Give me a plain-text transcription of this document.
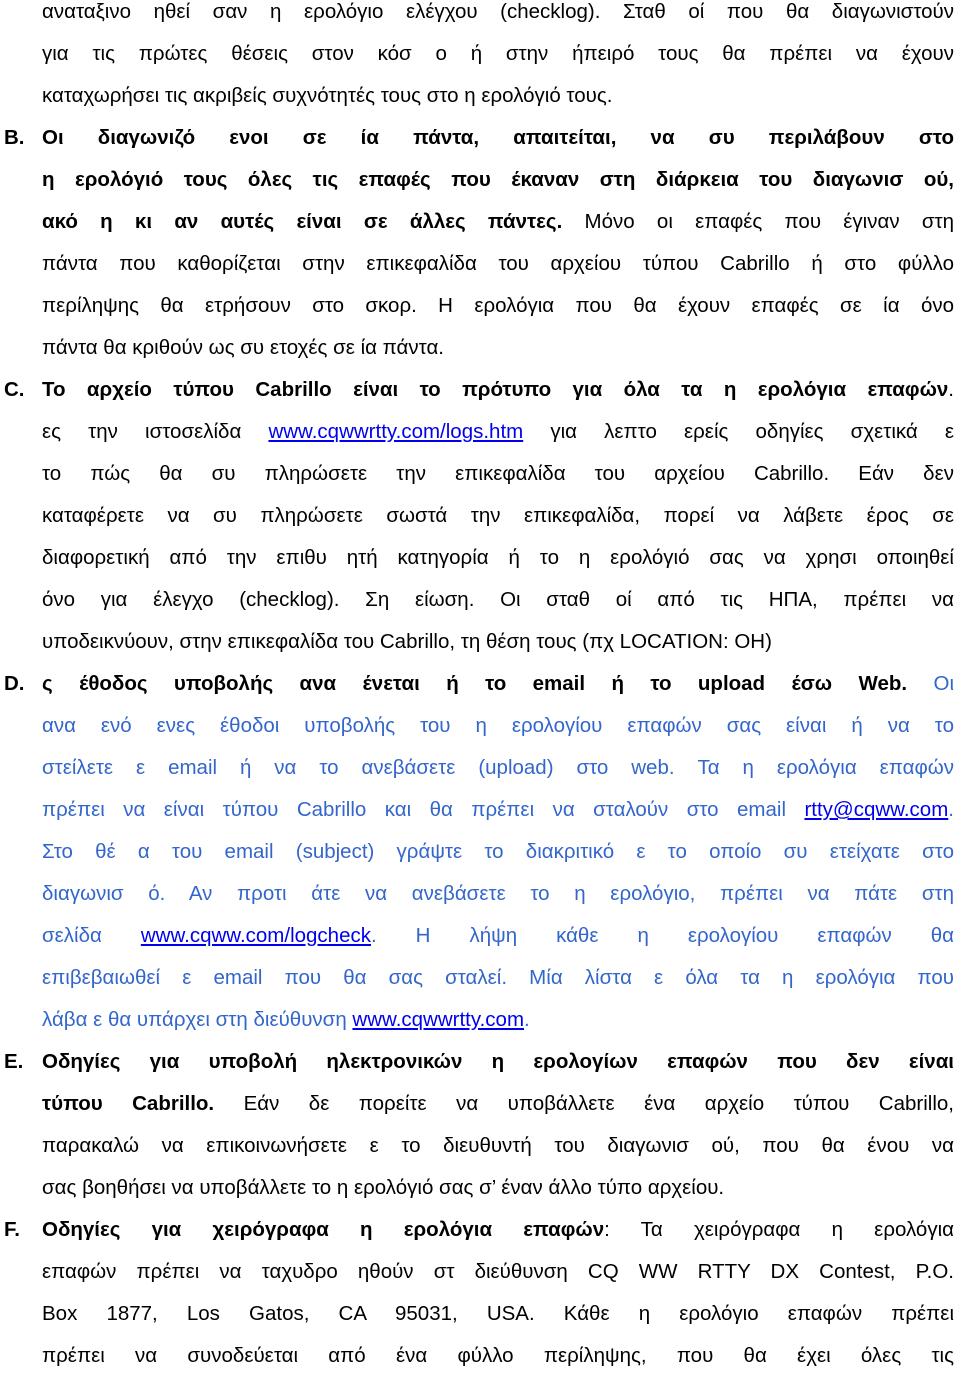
αναταξινο ηθεί σαν η ερολόγιο ελέγχου (checklog). Σταθ οί που θα διαγωνιστούν
για τις πρώτες θέσεις στον κόσ ο ή στην ήπειρό τους θα πρέπει να έχουν
καταχωρήσει τις ακριβείς συχνότητές τους στο η ερολόγιό τους.
B. Οι διαγωνιζό ενοι σε ία πάντα, απαιτείται, να συ περιλάβουν στο
η ερολόγιό τους όλες τις επαφές που έκαναν στη διάρκεια του διαγωνισ ού,
ακό η κι αν αυτές είναι σε άλλες πάντες. Μόνο οι επαφές που έγιναν στη
πάντα που καθορίζεται στην επικεφαλίδα του αρχείου τύπου Cabrillo ή στο φύλλο
περίληψης θα ετρήσουν στο σκορ. Η ερολόγια που θα έχουν επαφές σε ία όνο
πάντα θα κριθούν ως συ ετοχές σε ία πάντα.
C. Το αρχείο τύπου Cabrillo είναι το πρότυπο για όλα τα η ερολόγια επαφών.
ες την ιστοσελίδα www.cqwwrtty.com/logs.htm για λεπτο ερείς οδηγίες σχετικά ε
το πώς θα συ πληρώσετε την επικεφαλίδα του αρχείου Cabrillo. Εάν δεν
καταφέρετε να συ πληρώσετε σωστά την επικεφαλίδα, πορεί να λάβετε έρος σε
διαφορετική από την επιθυ ητή κατηγορία ή το η ερολόγιό σας να χρησι οποιηθεί
όνο για έλεγχο (checklog). Ση είωση. Οι σταθ οί από τις ΗΠΑ, πρέπει να
υποδεικνύουν, στην επικεφαλίδα του Cabrillo, τη θέση τους (πχ LOCATION: OH)
D. ς έθοδος υποβολής ανα ένεται ή το email ή το upload έσω Web. Οι
ανα ενό ενες έθοδοι υποβολής του η ερολογίου επαφών σας είναι ή να το
στείλετε ε email ή να το ανεβάσετε (upload) στο web. Τα η ερολόγια επαφών
πρέπει να είναι τύπου Cabrillo και θα πρέπει να σταλούν στο email rtty@cqww.com.
Στο θέ α του email (subject) γράψτε το διακριτικό ε το οποίο συ ετείχατε στο
διαγωνισ ό. Αν προτι άτε να ανεβάσετε το η ερολόγιο, πρέπει να πάτε στη
σελίδα www.cqww.com/logcheck. Η λήψη κάθε η ερολογίου επαφών θα
επιβεβαιωθεί ε email που θα σας σταλεί. Μία λίστα ε όλα τα η ερολόγια που
λάβα ε θα υπάρχει στη διεύθυνση www.cqwwrtty.com.
E. Οδηγίες για υποβολή ηλεκτρονικών η ερολογίων επαφών που δεν είναι
τύπου Cabrillo. Εάν δε πορείτε να υποβάλλετε ένα αρχείο τύπου Cabrillo,
παρακαλώ να επικοινωνήσετε ε το διευθυντή του διαγωνισ ού, που θα ένου να
σας βοηθήσει να υποβάλλετε το η ερολόγιό σας σ’ έναν άλλο τύπο αρχείου.
F. Οδηγίες για χειρόγραφα η ερολόγια επαφών: Τα χειρόγραφα η ερολόγια
επαφών πρέπει να ταχυδρο ηθούν στ διεύθυνση CQ WW RTTY DX Contest, P.O.
Box 1877, Los Gatos, CA 95031, USA. Κάθε η ερολόγιο επαφών πρέπει
πρέπει να συνοδεύεται από ένα φύλλο περίληψης, που θα έχει όλες τις
